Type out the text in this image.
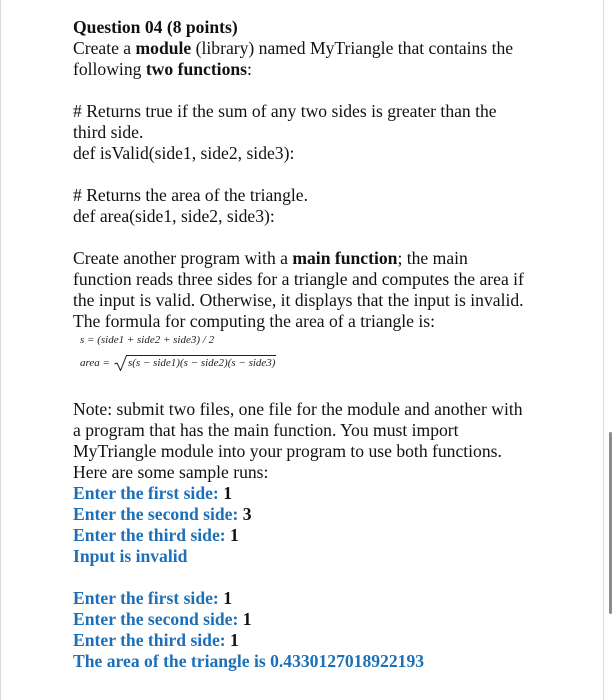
Question 04 (8 points)
Create a module (library) named MyTriangle that contains the
following two functions:
# Returns true if the sum of any two sides is greater than the
third side.
def isValid(side1, side2, side3):
# Returns the area of the triangle.
def area(side1, side2, side3):
Create another program with a main function; the main
function reads three sides for a triangle and computes the area if
the input is valid. Otherwise, it displays that the input is invalid.
The formula for computing the area of a triangle is:
s = (side1 + side2 + side3) / 2
area = s(s − side1)(s − side2)(s − side3)
Note: submit two files, one file for the module and another with
a program that has the main function. You must import
MyTriangle module into your program to use both functions.
Here are some sample runs:
Enter the first side: 1
Enter the second side: 3
Enter the third side: 1
Input is invalid
Enter the first side: 1
Enter the second side: 1
Enter the third side: 1
The area of the triangle is 0.4330127018922193
